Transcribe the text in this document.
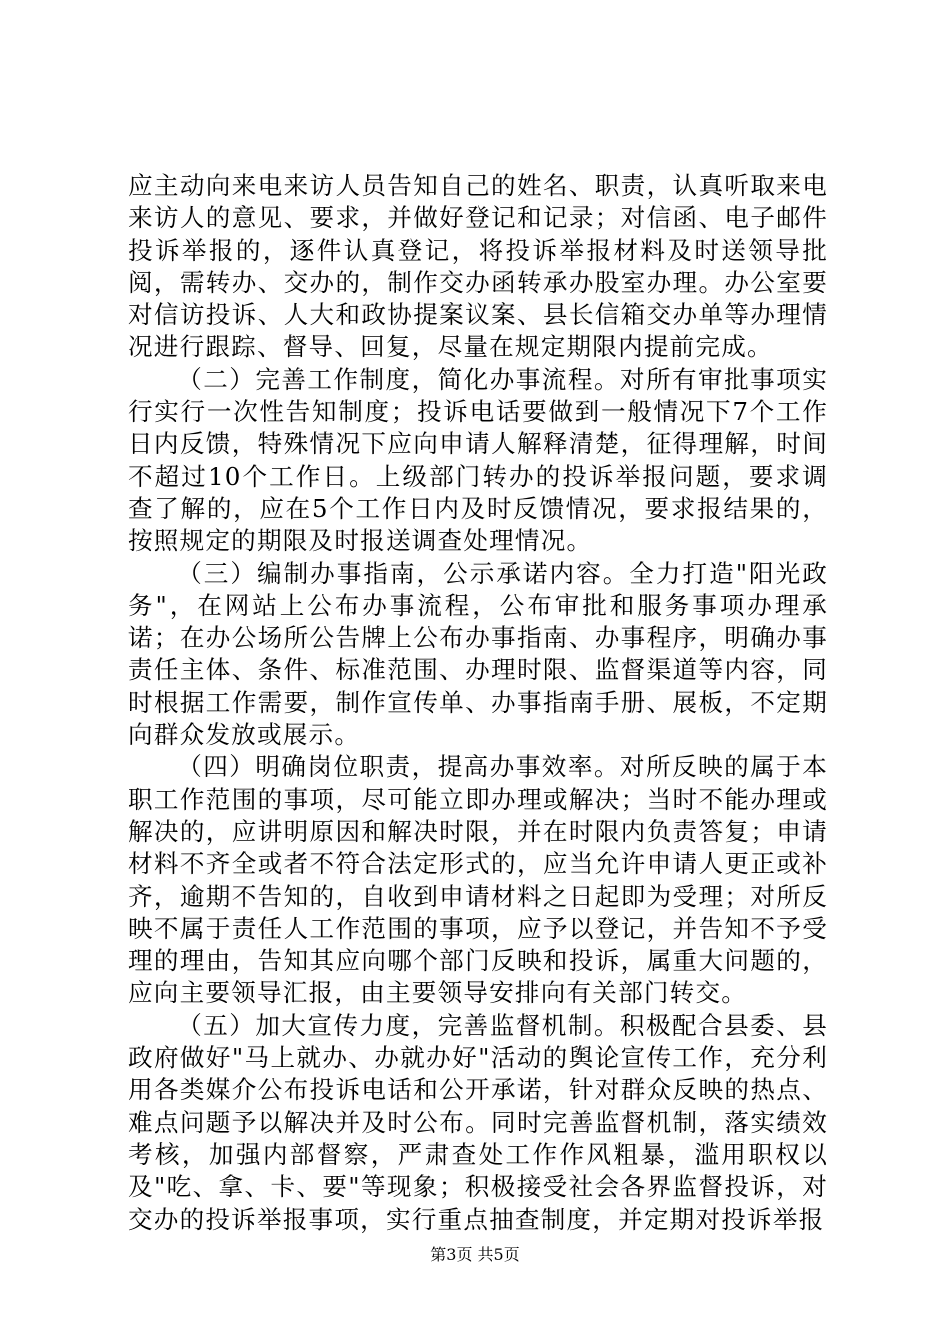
应主动向来电来访人员告知自己的姓名、职责，认真听取来电来访人的意见、要求，并做好登记和记录；对信函、电子邮件投诉举报的，逐件认真登记，将投诉举报材料及时送领导批阅，需转办、交办的，制作交办函转承办股室办理。办公室要对信访投诉、人大和政协提案议案、县长信箱交办单等办理情况进行跟踪、督导、回复，尽量在规定期限内提前完成。

（二）完善工作制度，简化办事流程。对所有审批事项实行实行一次性告知制度；投诉电话要做到一般情况下7个工作日内反馈，特殊情况下应向申请人解释清楚，征得理解，时间不超过10个工作日。上级部门转办的投诉举报问题，要求调查了解的，应在5个工作日内及时反馈情况，要求报结果的，按照规定的期限及时报送调查处理情况。

（三）编制办事指南，公示承诺内容。全力打造"阳光政务"，在网站上公布办事流程，公布审批和服务事项办理承诺；在办公场所公告牌上公布办事指南、办事程序，明确办事责任主体、条件、标准范围、办理时限、监督渠道等内容，同时根据工作需要，制作宣传单、办事指南手册、展板，不定期向群众发放或展示。

（四）明确岗位职责，提高办事效率。对所反映的属于本职工作范围的事项，尽可能立即办理或解决；当时不能办理或解决的，应讲明原因和解决时限，并在时限内负责答复；申请材料不齐全或者不符合法定形式的，应当允许申请人更正或补齐，逾期不告知的，自收到申请材料之日起即为受理；对所反映不属于责任人工作范围的事项，应予以登记，并告知不予受理的理由，告知其应向哪个部门反映和投诉，属重大问题的，应向主要领导汇报，由主要领导安排向有关部门转交。

（五）加大宣传力度，完善监督机制。积极配合县委、县政府做好"马上就办、办就办好"活动的舆论宣传工作，充分利用各类媒介公布投诉电话和公开承诺，针对群众反映的热点、难点问题予以解决并及时公布。同时完善监督机制，落实绩效考核，加强内部督察，严肃查处工作作风粗暴，滥用职权以及"吃、拿、卡、要"等现象；积极接受社会各界监督投诉，对交办的投诉举报事项，实行重点抽查制度，并定期对投诉举报

第3页 共5页
